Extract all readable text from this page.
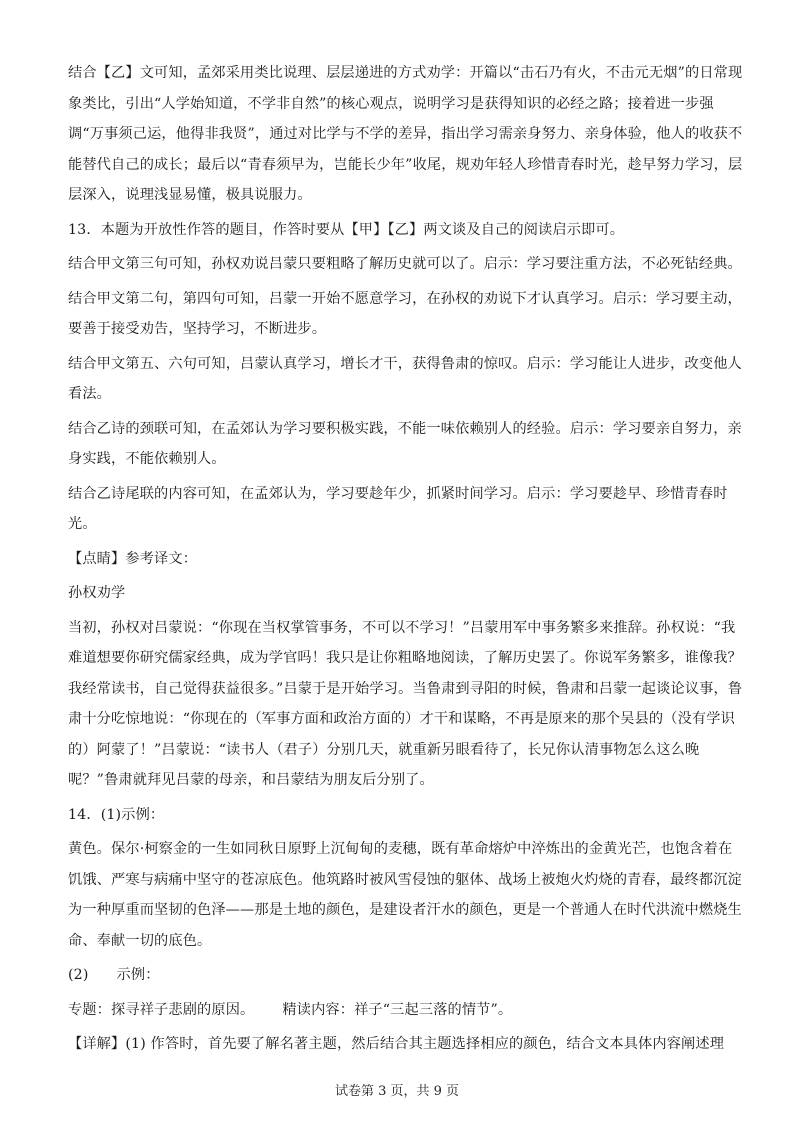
结合【乙】文可知，孟郊采用类比说理、层层递进的方式劝学：开篇以“击石乃有火，不击元无烟”的日常现象类比，引出“人学始知道，不学非自然”的核心观点，说明学习是获得知识的必经之路；接着进一步强调“万事须己运，他得非我贤”，通过对比学与不学的差异，指出学习需亲身努力、亲身体验，他人的收获不能替代自己的成长；最后以“青春须早为，岂能长少年”收尾，规劝年轻人珍惜青春时光，趁早努力学习，层层深入，说理浅显易懂，极具说服力。

13．本题为开放性作答的题目，作答时要从【甲】【乙】两文谈及自己的阅读启示即可。

结合甲文第三句可知，孙权劝说吕蒙只要粗略了解历史就可以了。启示：学习要注重方法，不必死钻经典。

结合甲文第二句，第四句可知，吕蒙一开始不愿意学习，在孙权的劝说下才认真学习。启示：学习要主动，要善于接受劝告，坚持学习，不断进步。

结合甲文第五、六句可知，吕蒙认真学习，增长才干，获得鲁肃的惊叹。启示：学习能让人进步，改变他人看法。

结合乙诗的颈联可知，在孟郊认为学习要积极实践，不能一味依赖别人的经验。启示：学习要亲自努力，亲身实践，不能依赖别人。

结合乙诗尾联的内容可知，在孟郊认为，学习要趁年少，抓紧时间学习。启示：学习要趁早、珍惜青春时光。

【点睛】参考译文：

孙权劝学

当初，孙权对吕蒙说：“你现在当权掌管事务，不可以不学习！”吕蒙用军中事务繁多来推辞。孙权说：“我难道想要你研究儒家经典，成为学官吗！我只是让你粗略地阅读，了解历史罢了。你说军务繁多，谁像我？我经常读书，自己觉得获益很多。”吕蒙于是开始学习。当鲁肃到寻阳的时候，鲁肃和吕蒙一起谈论议事，鲁肃十分吃惊地说：“你现在的（军事方面和政治方面的）才干和谋略，不再是原来的那个吴县的（没有学识的）阿蒙了！”吕蒙说：“读书人（君子）分别几天，就重新另眼看待了，长兄你认清事物怎么这么晚呢？”鲁肃就拜见吕蒙的母亲，和吕蒙结为朋友后分别了。

14．(1)示例：

黄色。保尔·柯察金的一生如同秋日原野上沉甸甸的麦穗，既有革命熔炉中淬炼出的金黄光芒，也饱含着在饥饿、严寒与病痛中坚守的苍凉底色。他筑路时被风雪侵蚀的躯体、战场上被炮火灼烧的青春，最终都沉淀为一种厚重而坚韧的色泽——那是土地的颜色，是建设者汗水的颜色，更是一个普通人在时代洪流中燃烧生命、奉献一切的底色。

(2) 示例：

专题：探寻祥子悲剧的原因。 精读内容：祥子“三起三落的情节”。

【详解】(1) 作答时，首先要了解名著主题，然后结合其主题选择相应的颜色，结合文本具体内容阐述理

试卷第 3 页，共 9 页
